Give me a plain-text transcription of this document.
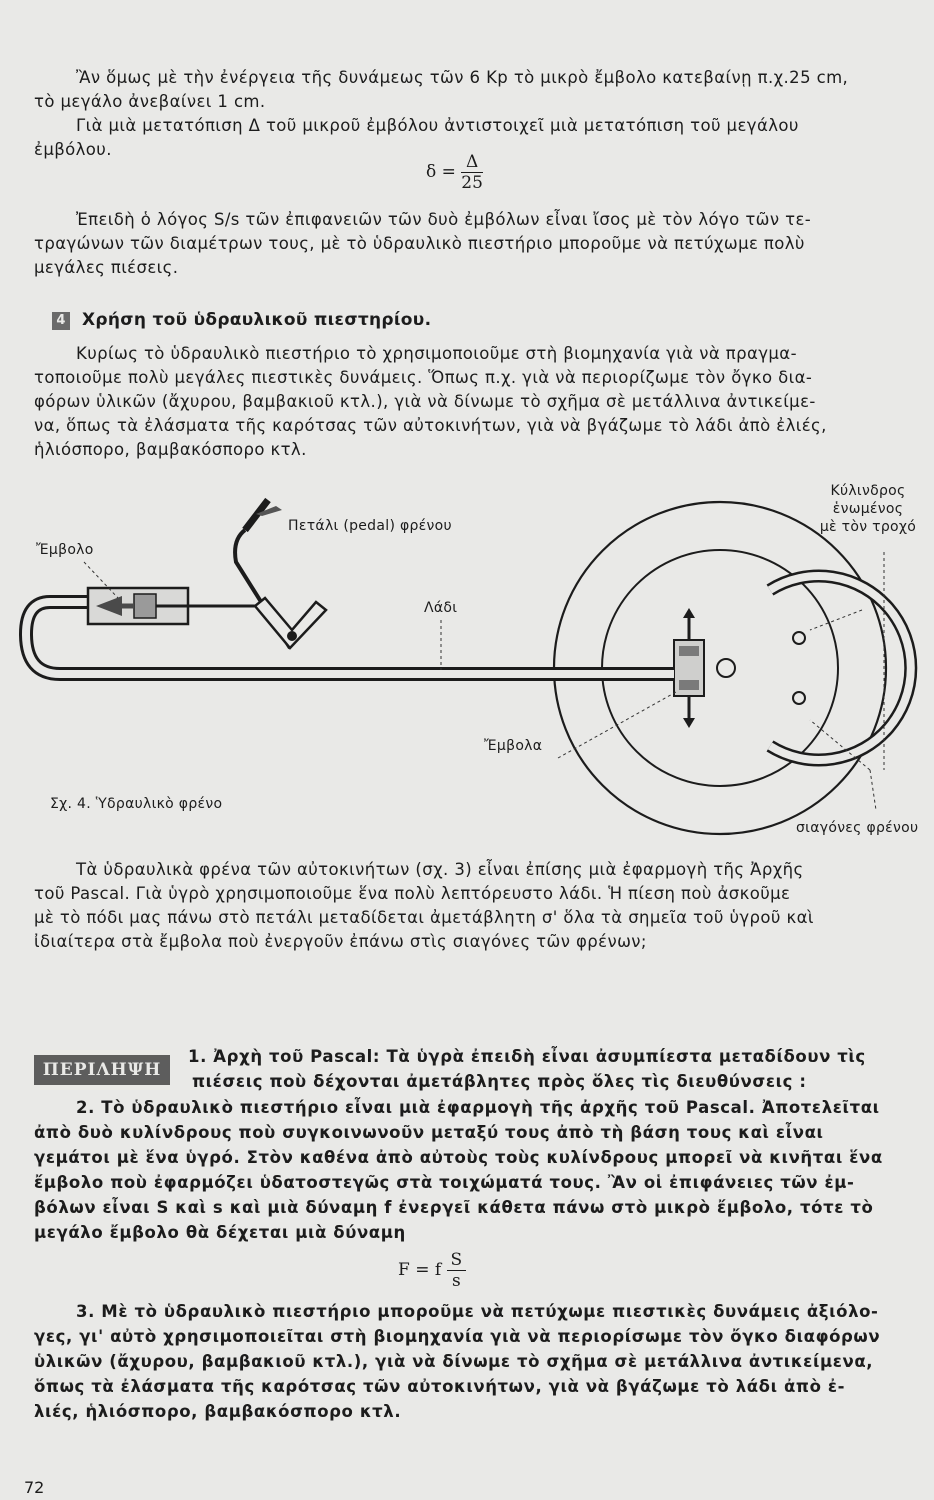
Ἂν ὅμως μὲ τὴν ἐνέργεια τῆς δυνάμεως τῶν 6 Kp τὸ μικρὸ ἔμβολο κατεβαίνῃ π.χ.25 cm,
τὸ μεγάλο ἀνεβαίνει 1 cm.
Γιὰ μιὰ μετατόπιση Δ τοῦ μικροῦ ἐμβόλου ἀντιστοιχεῖ μιὰ μετατόπιση τοῦ μεγάλου
ἐμβόλου.
$\delta = \frac{\Delta}{25}$
Ἐπειδὴ ὁ λόγος S/s τῶν ἐπιφανειῶν τῶν δυὸ ἐμβόλων εἶναι ἴσος μὲ τὸν λόγο τῶν τε-
τραγώνων τῶν διαμέτρων τους, μὲ τὸ ὑδραυλικὸ πιεστήριο μποροῦμε νὰ πετύχωμε πολὺ
μεγάλες πιέσεις.
4 Χρήση τοῦ ὑδραυλικοῦ πιεστηρίου.
Κυρίως τὸ ὑδραυλικὸ πιεστήριο τὸ χρησιμοποιοῦμε στὴ βιομηχανία γιὰ νὰ πραγμα-
τοποιοῦμε πολὺ μεγάλες πιεστικὲς δυνάμεις. Ὅπως π.χ. γιὰ νὰ περιορίζωμε τὸν ὄγκο δια-
φόρων ὑλικῶν (ἄχυρου, βαμβακιοῦ κτλ.), γιὰ νὰ δίνωμε τὸ σχῆμα σὲ μετάλλινα ἀντικείμε-
να, ὅπως τὰ ἐλάσματα τῆς καρότσας τῶν αὐτοκινήτων, γιὰ νὰ βγάζωμε τὸ λάδι ἀπὸ ἐλιές,
ἡλιόσπορο, βαμβακόσπορο κτλ.
Ἔμβολο
Πετάλι (pedal) φρένου
Λάδι
Κύλινδρος
ἑνωμένος
μὲ τὸν τροχό
Ἔμβολα
σιαγόνες φρένου
Σχ. 4. Ὑδραυλικὸ φρένο
Τὰ ὑδραυλικὰ φρένα τῶν αὐτοκινήτων (σχ. 3) εἶναι ἐπίσης μιὰ ἐφαρμογὴ τῆς Ἀρχῆς
τοῦ Pascal. Γιὰ ὑγρὸ χρησιμοποιοῦμε ἕνα πολὺ λεπτόρευστο λάδι. Ἡ πίεση ποὺ ἀσκοῦμε
μὲ τὸ πόδι μας πάνω στὸ πετάλι μεταδίδεται ἀμετάβλητη σ' ὅλα τὰ σημεῖα τοῦ ὑγροῦ καὶ
ἰδιαίτερα στὰ ἔμβολα ποὺ ἐνεργοῦν ἐπάνω στὶς σιαγόνες τῶν φρένων;
ΠΕΡΙΛΗΨΗ
1. Ἀρχὴ τοῦ Pascal: Τὰ ὑγρὰ ἐπειδὴ εἶναι ἀσυμπίεστα μεταδίδουν τὶς
πιέσεις ποὺ δέχονται ἀμετάβλητες πρὸς ὅλες τὶς διευθύνσεις :
2. Τὸ ὑδραυλικὸ πιεστήριο εἶναι μιὰ ἐφαρμογὴ τῆς ἀρχῆς τοῦ Pascal. Ἀποτελεῖται
ἀπὸ δυὸ κυλίνδρους ποὺ συγκοινωνοῦν μεταξύ τους ἀπὸ τὴ βάση τους καὶ εἶναι
γεμάτοι μὲ ἕνα ὑγρό. Στὸν καθένα ἀπὸ αὐτοὺς τοὺς κυλίνδρους μπορεῖ νὰ κινῆται ἕνα
ἔμβολο ποὺ ἐφαρμόζει ὑδατοστεγῶς στὰ τοιχώματά τους. Ἂν οἱ ἐπιφάνειες τῶν ἐμ-
βόλων εἶναι S καὶ s καὶ μιὰ δύναμη f ἐνεργεῖ κάθετα πάνω στὸ μικρὸ ἔμβολο, τότε τὸ
μεγάλο ἔμβολο θὰ δέχεται μιὰ δύναμη
F = f $\frac{S}{s}$
3. Μὲ τὸ ὑδραυλικὸ πιεστήριο μποροῦμε νὰ πετύχωμε πιεστικὲς δυνάμεις ἀξιόλο-
γες, γι' αὐτὸ χρησιμοποιεῖται στὴ βιομηχανία γιὰ νὰ περιορίσωμε τὸν ὄγκο διαφόρων
ὑλικῶν (ἄχυρου, βαμβακιοῦ κτλ.), γιὰ νὰ δίνωμε τὸ σχῆμα σὲ μετάλλινα ἀντικείμενα,
ὅπως τὰ ἐλάσματα τῆς καρότσας τῶν αὐτοκινήτων, γιὰ νὰ βγάζωμε τὸ λάδι ἀπὸ ἐ-
λιές, ἡλιόσπορο, βαμβακόσπορο κτλ.
72
